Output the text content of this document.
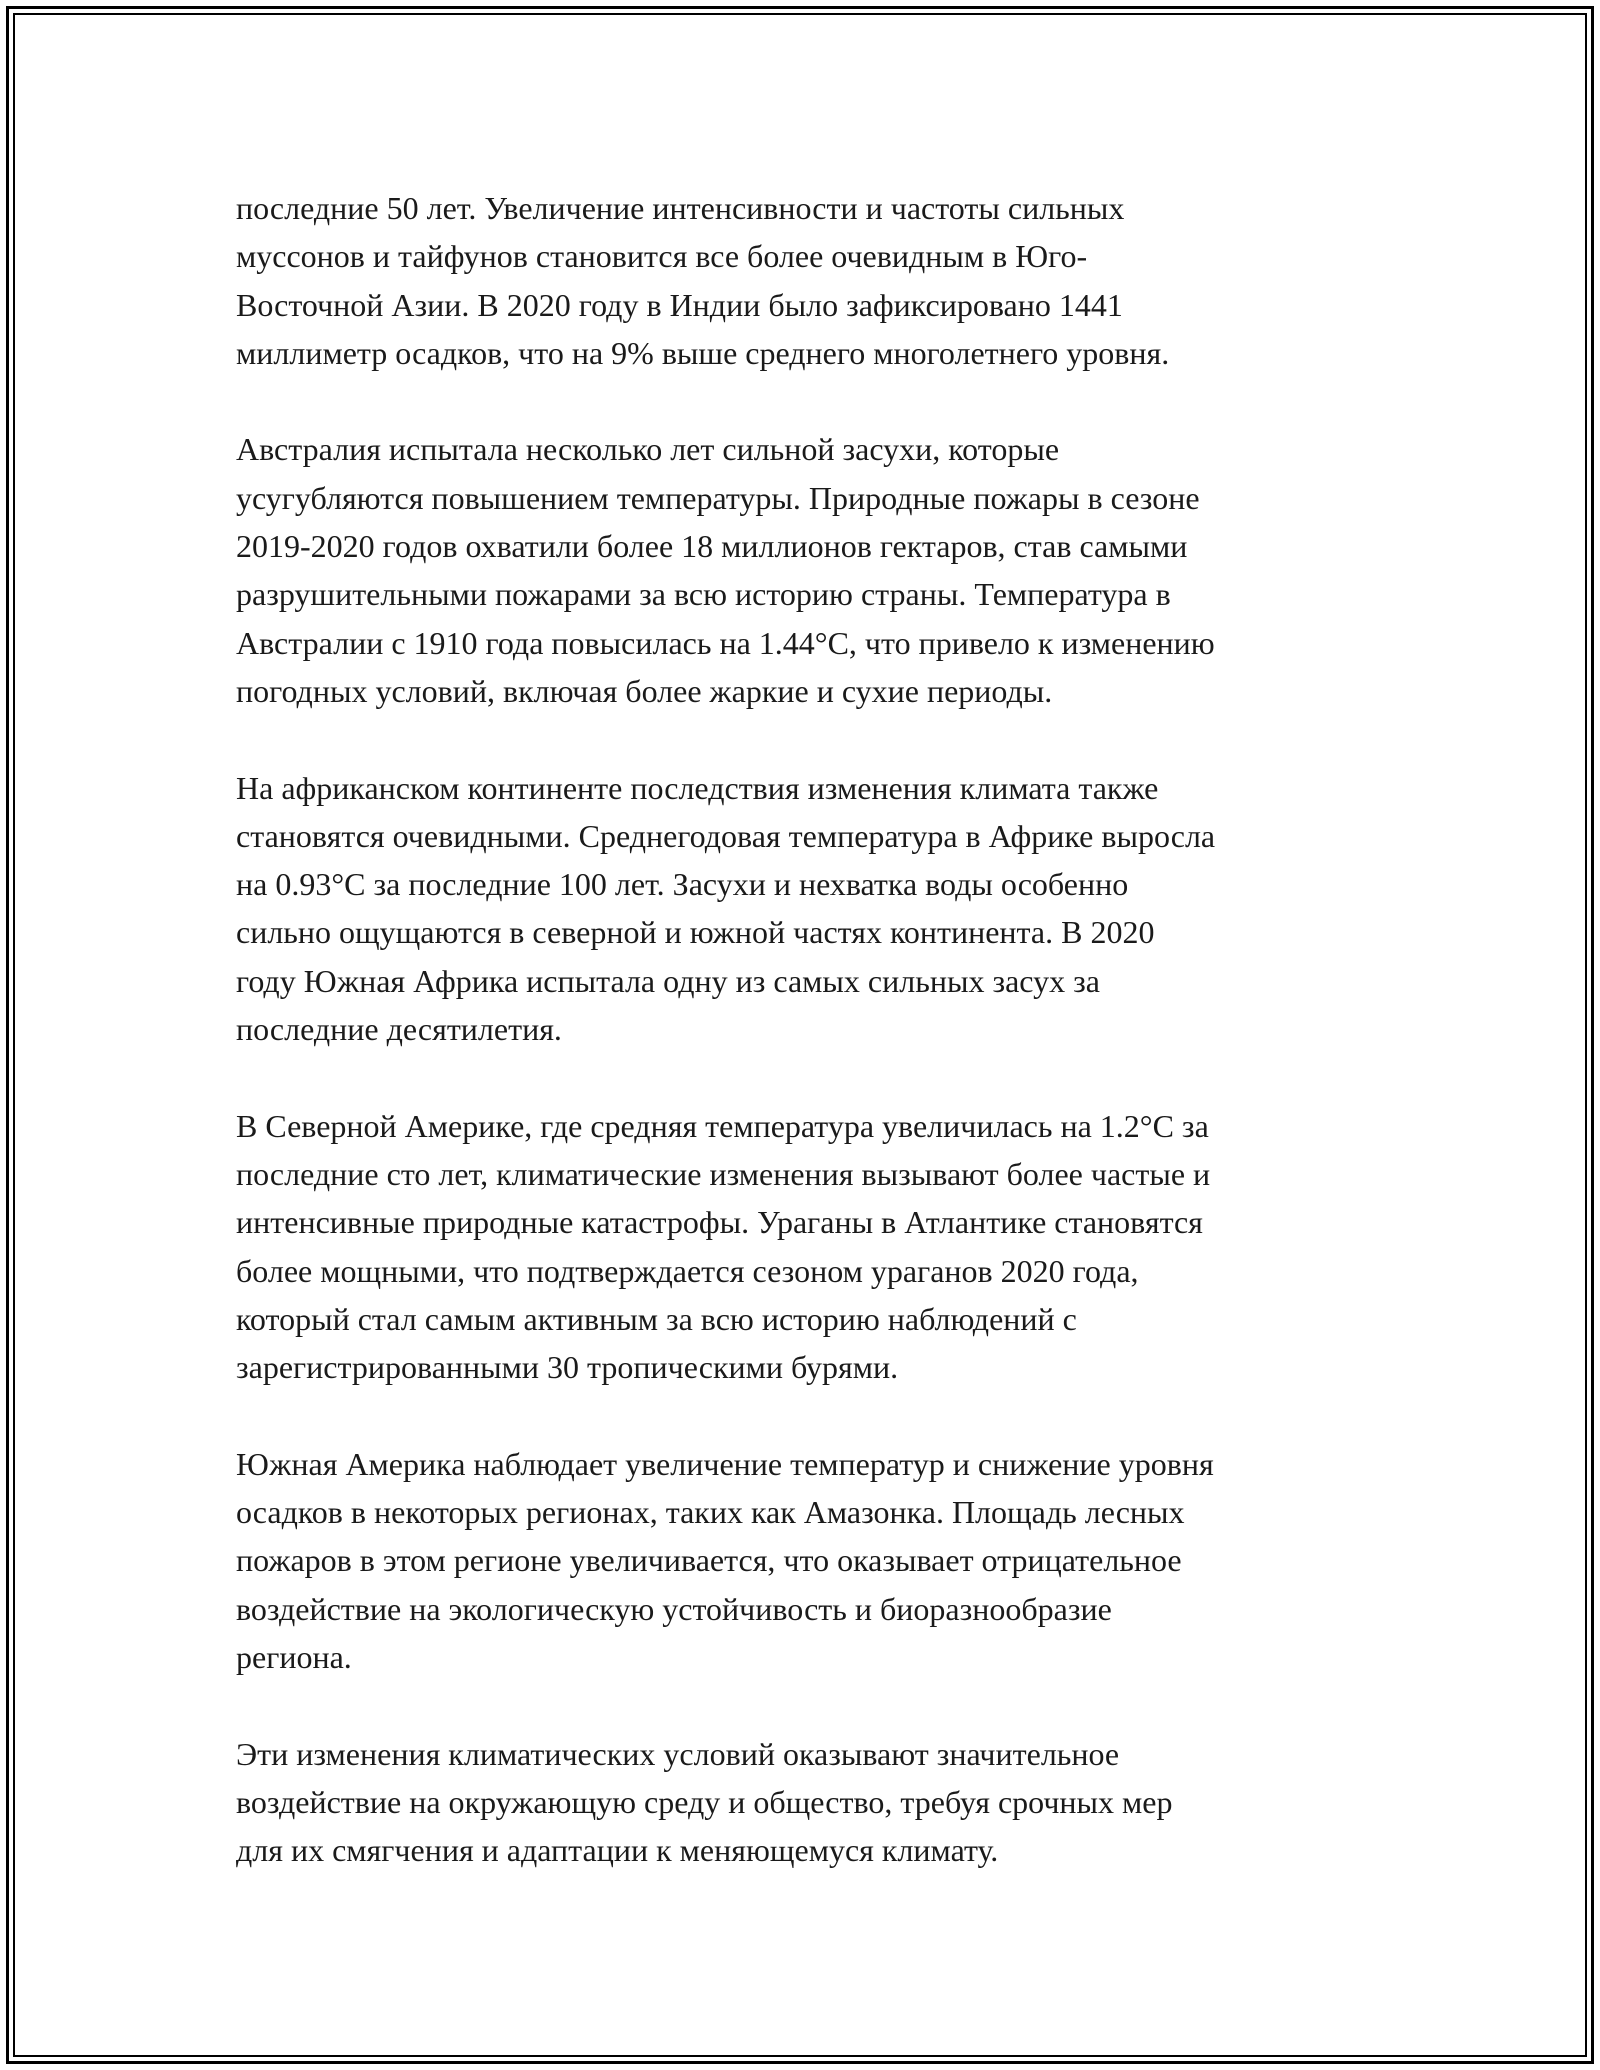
последние 50 лет. Увеличение интенсивности и частоты сильных
муссонов и тайфунов становится все более очевидным в Юго-
Восточной Азии. В 2020 году в Индии было зафиксировано 1441
миллиметр осадков, что на 9% выше среднего многолетнего уровня.

Австралия испытала несколько лет сильной засухи, которые
усугубляются повышением температуры. Природные пожары в сезоне
2019-2020 годов охватили более 18 миллионов гектаров, став самыми
разрушительными пожарами за всю историю страны. Температура в
Австралии с 1910 года повысилась на 1.44°C, что привело к изменению
погодных условий, включая более жаркие и сухие периоды.

На африканском континенте последствия изменения климата также
становятся очевидными. Среднегодовая температура в Африке выросла
на 0.93°C за последние 100 лет. Засухи и нехватка воды особенно
сильно ощущаются в северной и южной частях континента. В 2020
году Южная Африка испытала одну из самых сильных засух за
последние десятилетия.

В Северной Америке, где средняя температура увеличилась на 1.2°C за
последние сто лет, климатические изменения вызывают более частые и
интенсивные природные катастрофы. Ураганы в Атлантике становятся
более мощными, что подтверждается сезоном ураганов 2020 года,
который стал самым активным за всю историю наблюдений с
зарегистрированными 30 тропическими бурями.

Южная Америка наблюдает увеличение температур и снижение уровня
осадков в некоторых регионах, таких как Амазонка. Площадь лесных
пожаров в этом регионе увеличивается, что оказывает отрицательное
воздействие на экологическую устойчивость и биоразнообразие
региона.

Эти изменения климатических условий оказывают значительное
воздействие на окружающую среду и общество, требуя срочных мер
для их смягчения и адаптации к меняющемуся климату.
